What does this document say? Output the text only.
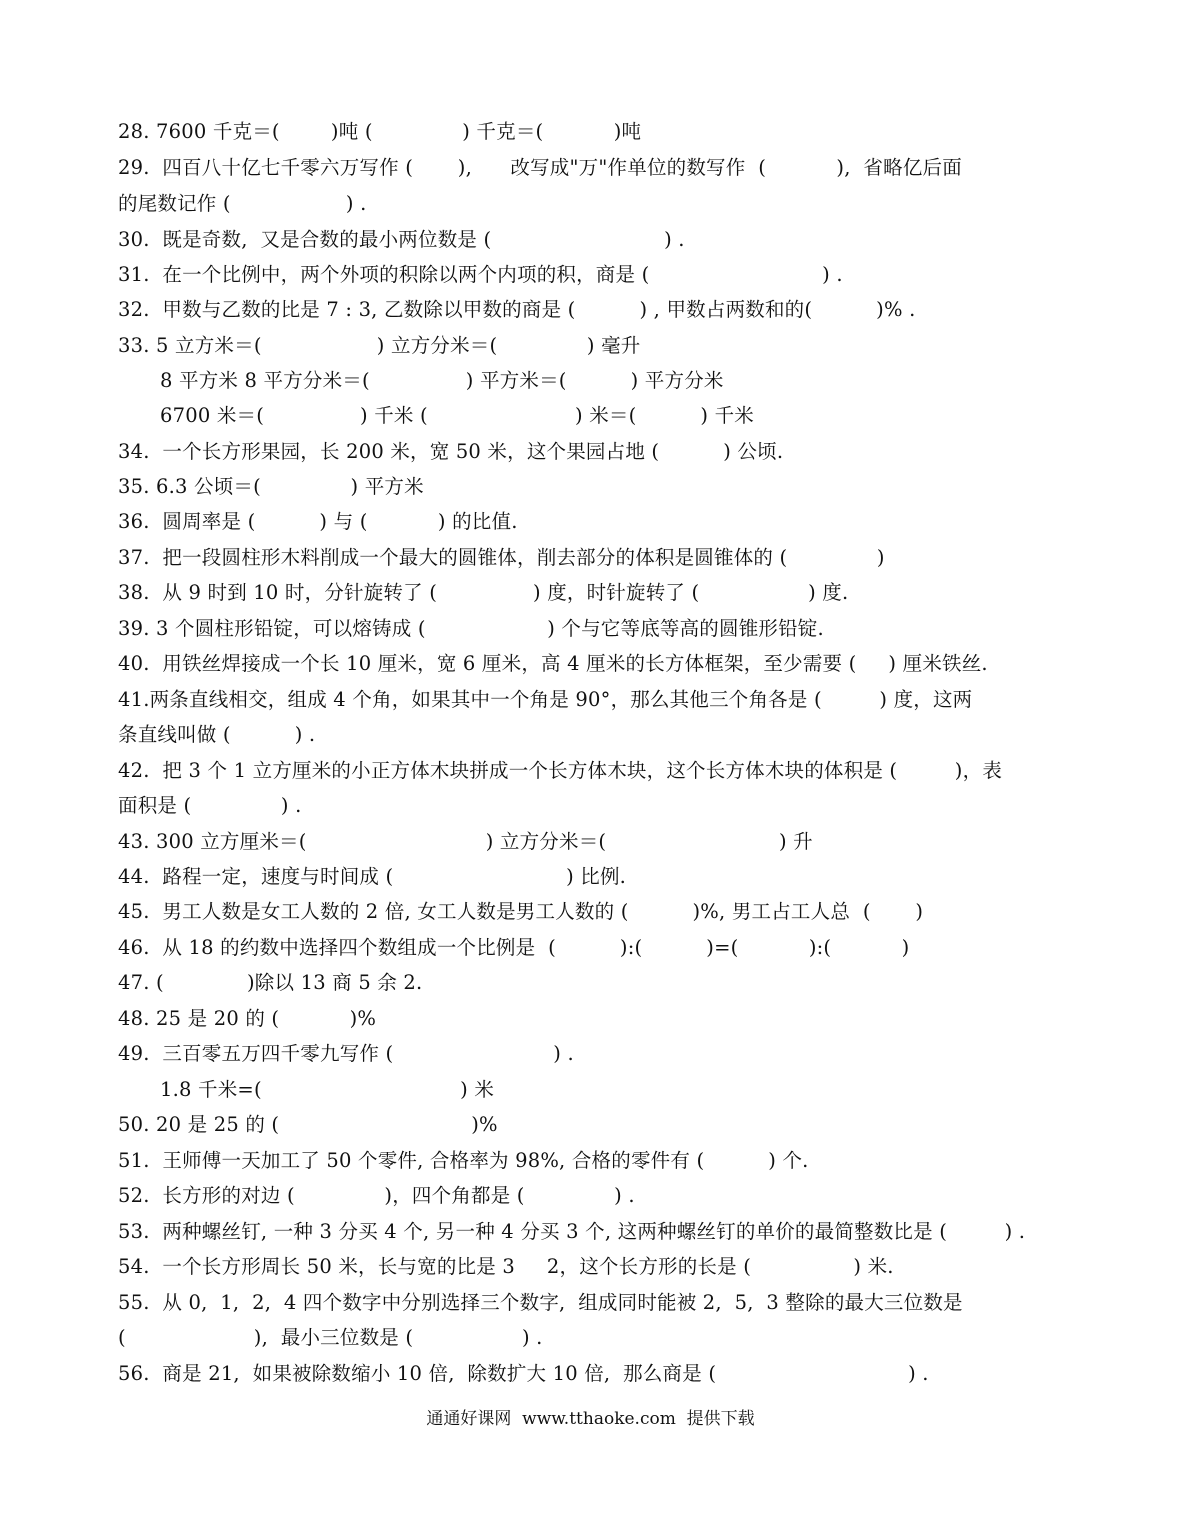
28. 7600 千克＝(        )吨 (              ) 千克＝(           )吨
29.  四百八十亿七千零六万写作 (       ),      改写成"万"作单位的数写作  (           ),  省略亿后面
的尾数记作 (                  ) .
30.  既是奇数,  又是合数的最小两位数是 (                           ) .
31.  在一个比例中，两个外项的积除以两个内项的积，商是 (                           ) .
32.  甲数与乙数的比是 7 : 3, 乙数除以甲数的商是 (          ) , 甲数占两数和的(          )% .
33. 5 立方米＝(                  ) 立方分米＝(              ) 毫升
8 平方米 8 平方分米＝(               ) 平方米＝(          ) 平方分米
6700 米＝(               ) 千米 (                       ) 米＝(          ) 千米
34.  一个长方形果园，长 200 米，宽 50 米，这个果园占地 (          ) 公顷.
35. 6.3 公顷＝(              ) 平方米
36.  圆周率是 (          ) 与 (           ) 的比值.
37.  把一段圆柱形木料削成一个最大的圆锥体，削去部分的体积是圆锥体的 (              )
38.  从 9 时到 10 时，分针旋转了 (               ) 度，时针旋转了 (                 ) 度.
39. 3 个圆柱形铅锭，可以熔铸成 (                   ) 个与它等底等高的圆锥形铅锭.
40.  用铁丝焊接成一个长 10 厘米，宽 6 厘米，高 4 厘米的长方体框架，至少需要 (     ) 厘米铁丝.
41.两条直线相交，组成 4 个角，如果其中一个角是 90°，那么其他三个角各是 (         ) 度，这两
条直线叫做 (          ) .
42.  把 3 个 1 立方厘米的小正方体木块拼成一个长方体木块，这个长方体木块的体积是 (         )，表
面积是 (              ) .
43. 300 立方厘米＝(                            ) 立方分米＝(                           ) 升
44.  路程一定，速度与时间成 (                           ) 比例.
45.  男工人数是女工人数的 2 倍, 女工人数是男工人数的 (          )%, 男工占工人总  (       )
46.  从 18 的约数中选择四个数组成一个比例是  (          ):(          )=(           ):(           )
47. (             )除以 13 商 5 余 2.
48. 25 是 20 的 (           )%
49.  三百零五万四千零九写作 (                         ) .
1.8 千米=(                               ) 米
50. 20 是 25 的 (                              )%
51.  王师傅一天加工了 50 个零件, 合格率为 98%, 合格的零件有 (          ) 个.
52.  长方形的对边 (              )，四个角都是 (              ) .
53.  两种螺丝钉, 一种 3 分买 4 个, 另一种 4 分买 3 个, 这两种螺丝钉的单价的最简整数比是 (         ) .
54.  一个长方形周长 50 米，长与宽的比是 3     2，这个长方形的长是 (                ) 米.
55.  从 0,  1,  2,  4 四个数字中分别选择三个数字,  组成同时能被 2,  5,  3 整除的最大三位数是
(                    ),  最小三位数是 (                 ) .
56.  商是 21,  如果被除数缩小 10 倍,  除数扩大 10 倍,  那么商是 (                              ) .
通通好课网  www.tthaoke.com  提供下载
